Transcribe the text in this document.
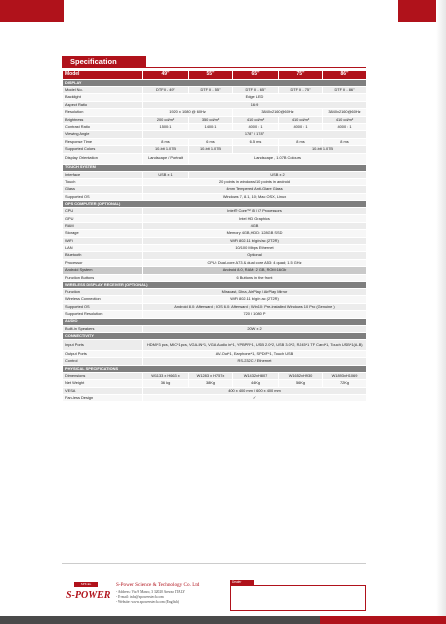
Specification
Model	49"	55"	65"	75"	86"
DISPLAY					
Model No.	DTFII - 49"	DTF II - 55"	DTF II - 65"	DTF II - 75"	DTF II - 86"
Backlight	Edge LED				
Aspect Ratio	16:9				
Resolution	1920 x 1080 @ 60Hz		3840x2160@60Hz		3840x2160@60Hz
Brightness	200 cd/m²	350 cd/m²	410 cd/m²	410 cd/m²	410 cd/m²
Contrast Ratio	1500:1	1400:1	4000 : 1	4000 : 1	4000 : 1
Viewing Angle	178° / 178°				
Response Time	8 ms	6 ms	6.5 ms	8 ms	8 ms
Supported Colors	10-bit 1.07B	10-bit 1.07B		10-bit 1.07B	
Display Orientation	Landscape / Portrait	Landscape , 1.07B Colours			
TOUCH SYSTEM					
Interface	USB x 1	USB x 2			
Touch	20 points in windows/10 points in android				
Glass	4mm Tempered Anti-Glare Glass				
Supported OS	Windows 7, 8.1, 10; Mac OSX, Linux				
OPS COMPUTER (OPTIONAL)					
CPU	Intel® Core™ i5 / i7 Processors				
GPU	Intel HD Graphics				
RAM	4GB				
Storage	Memory 4GB,HDD: 128GB SSD				
WiFi	WiFi 802.11 b/g/n/ac (2T2R)				
LAN	10/100 Mbps Ethernet				
Bluetooth	Optional				
Processor	CPU: Dual-core A73 & dual core A53: 4 quad; 1.5 GHz				
Android System	Android 8.0, RAM: 2 GB, ROM:16Gb				
Function Buttons	6 Buttons in the front				
WIRELESS DISPLAY RECEIVER (OPTIONAL)					
Function	Miracast, Dlna, AirPlay / AirPlay Mirror				
Wireless Connection	WiFi 802.11 b/g/n ac (2T2R)				
Supported OS	Android 8.0: Afterward ; IOS 6.0: Afterward ; Win10: Pre-installed Windows 10 Pro (Genuine )				
Supported Resolution	720 / 1080 P				
AUDIO					
Built-in Speakers	20W x 2				
CONNECTIVITY					
Input Ports	HDMI*3 pcs, MIC*1pcs, VGA-IN*1, VGA Audio in*1, YPBPR*1, USB 2.0*2, USB 3.0*2, RJ45*1 TF Card*1, Touch USB*1(A-B)				
Output Ports	AV-Out*1, Earphone*1, SPDIF*1, Touch USB				
Control	RS-232C / Ethernet				
PHYSICAL SPECIFICATIONS					
Dimensions	W1133 x H663 x	W1283 x H757x	W1432xH807	W1652xH930	W1893xH1069
Net Weight	36 kg	38Kg	44Kg	56Kg	72Kg
VESA	400 x 400 mm / 600 x 400 mm				
Fan-less Design	✓				
SPK.EL
S-POWER
S-Power Science & Technology Co. Ltd
- Address: Via 9 Marzo, 3 32020 Arezzo ITALY
- E-mail: info@spowerstech.com
- Website: www.spowerstech.com (English)
Dealer
